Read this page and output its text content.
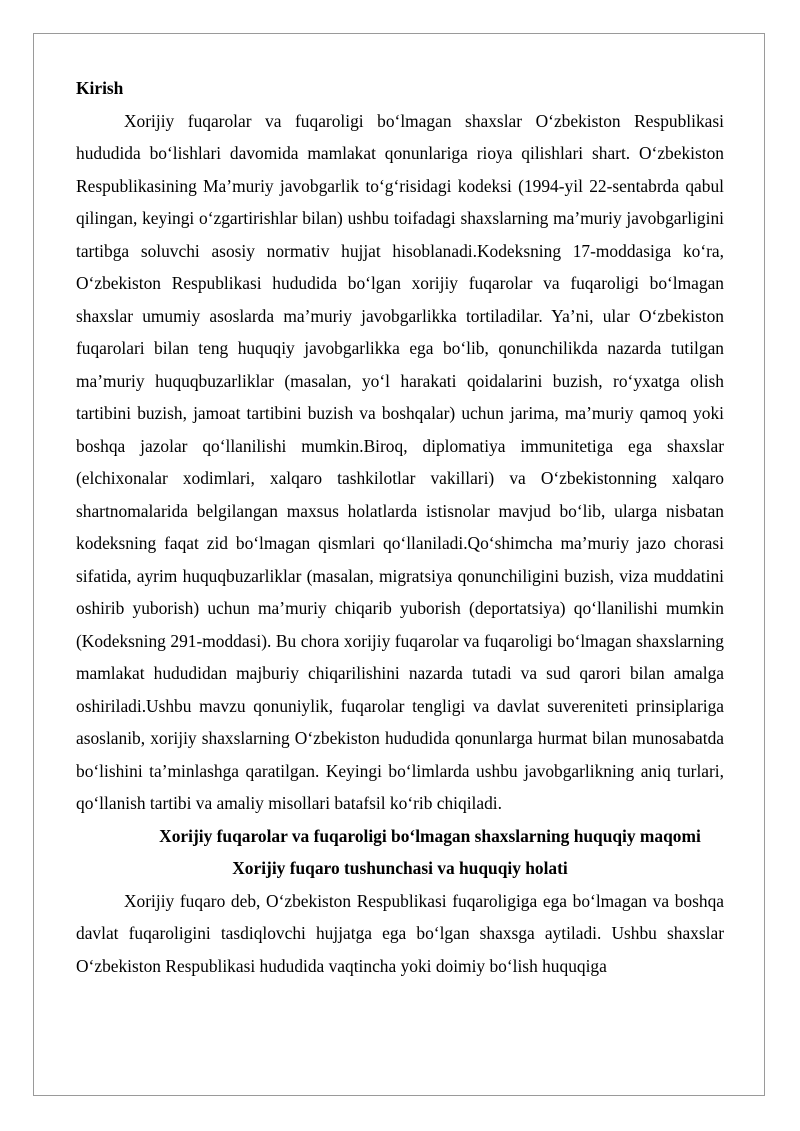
Kirish

Xorijiy fuqarolar va fuqaroligi bo‘lmagan shaxslar O‘zbekiston Respublikasi hududida bo‘lishlari davomida mamlakat qonunlariga rioya qilishlari shart. O‘zbekiston Respublikasining Ma’muriy javobgarlik to‘g‘risidagi kodeksi (1994-yil 22-sentabrda qabul qilingan, keyingi o‘zgartirishlar bilan) ushbu toifadagi shaxslarning ma’muriy javobgarligini tartibga soluvchi asosiy normativ hujjat hisoblanadi.Kodeksning 17-moddasiga ko‘ra, O‘zbekiston Respublikasi hududida bo‘lgan xorijiy fuqarolar va fuqaroligi bo‘lmagan shaxslar umumiy asoslarda ma’muriy javobgarlikka tortiladilar. Ya’ni, ular O‘zbekiston fuqarolari bilan teng huquqiy javobgarlikka ega bo‘lib, qonunchilikda nazarda tutilgan ma’muriy huquqbuzarliklar (masalan, yo‘l harakati qoidalarini buzish, ro‘yxatga olish tartibini buzish, jamoat tartibini buzish va boshqalar) uchun jarima, ma’muriy qamoq yoki boshqa jazolar qo‘llanilishi mumkin.Biroq, diplomatiya immunitetiga ega shaxslar (elchixonalar xodimlari, xalqaro tashkilotlar vakillari) va O‘zbekistonning xalqaro shartnomalarida belgilangan maxsus holatlarda istisnolar mavjud bo‘lib, ularga nisbatan kodeksning faqat zid bo‘lmagan qismlari qo‘llaniladi.Qo‘shimcha ma’muriy jazo chorasi sifatida, ayrim huquqbuzarliklar (masalan, migratsiya qonunchiligini buzish, viza muddatini oshirib yuborish) uchun ma’muriy chiqarib yuborish (deportatsiya) qo‘llanilishi mumkin (Kodeksning 291-moddasi). Bu chora xorijiy fuqarolar va fuqaroligi bo‘lmagan shaxslarning mamlakat hududidan majburiy chiqarilishini nazarda tutadi va sud qarori bilan amalga oshiriladi.Ushbu mavzu qonuniylik, fuqarolar tengligi va davlat suvereniteti prinsiplariga asoslanib, xorijiy shaxslarning O‘zbekiston hududida qonunlarga hurmat bilan munosabatda bo‘lishini ta’minlashga qaratilgan. Keyingi bo‘limlarda ushbu javobgarlikning aniq turlari, qo‘llanish tartibi va amaliy misollari batafsil ko‘rib chiqiladi.

Xorijiy fuqarolar va fuqaroligi bo‘lmagan shaxslarning huquqiy maqomi

Xorijiy fuqaro tushunchasi va huquqiy holati

Xorijiy fuqaro deb, O‘zbekiston Respublikasi fuqaroligiga ega bo‘lmagan va boshqa davlat fuqaroligini tasdiqlovchi hujjatga ega bo‘lgan shaxsga aytiladi. Ushbu shaxslar O‘zbekiston Respublikasi hududida vaqtincha yoki doimiy bo‘lish huquqiga
